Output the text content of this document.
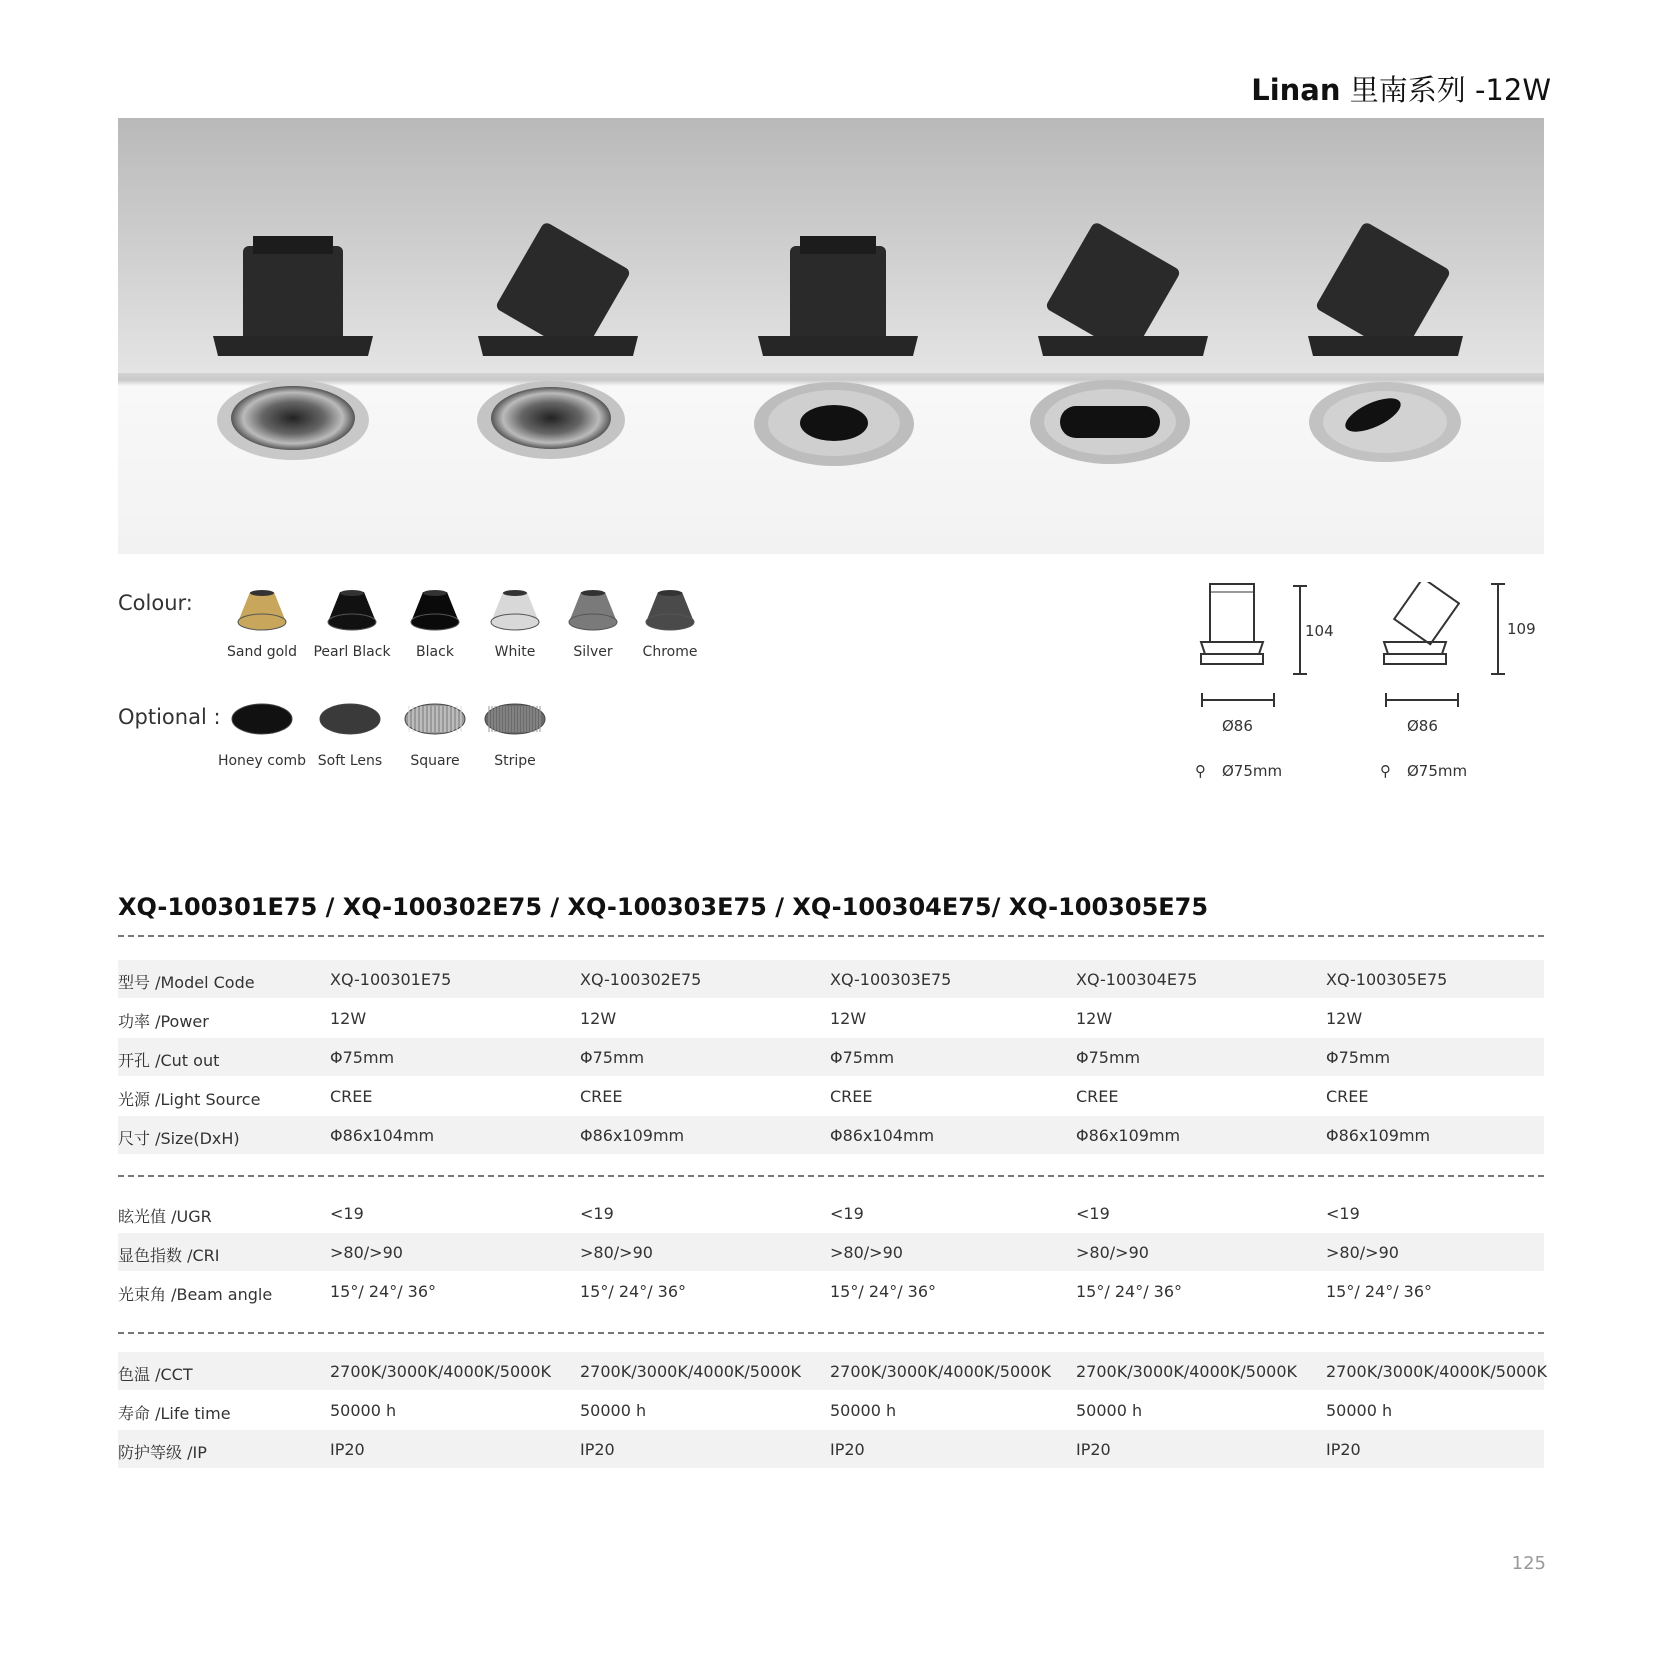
Linan 里南系列 -12W
Colour:
Sand gold Pearl Black Black	White	Silver Chrome
Optional :
Honey comb Soft Lens Square Stripe
104
Ø86
⚲ Ø75mm
109
Ø86
⚲ Ø75mm
XQ-100301E75 / XQ-100302E75 / XQ-100303E75 / XQ-100304E75/ XQ-100305E75
型号 /Model Code	XQ-100301E75	XQ-100302E75	XQ-100303E75	XQ-100304E75	XQ-100305E75
功率 /Power	12W	12W	12W	12W	12W
开孔 /Cut out	Φ75mm	Φ75mm	Φ75mm	Φ75mm	Φ75mm
光源 /Light Source	CREE	CREE	CREE	CREE	CREE
尺寸 /Size(DxH)	Φ86x104mm	Φ86x109mm	Φ86x104mm	Φ86x109mm	Φ86x109mm
眩光值 /UGR	<19	<19	<19	<19	<19
显色指数 /CRI	>80/>90	>80/>90	>80/>90	>80/>90	>80/>90
光束角 /Beam angle	15°/ 24°/ 36°	15°/ 24°/ 36°	15°/ 24°/ 36°	15°/ 24°/ 36°	15°/ 24°/ 36°
色温 /CCT	2700K/3000K/4000K/5000K 2700K/3000K/4000K/5000K 2700K/3000K/4000K/5000K 2700K/3000K/4000K/5000K 2700K/3000K/4000K/5000K
寿命 /Life time	50000 h	50000 h	50000 h	50000 h	50000 h
防护等级 /IP	IP20	IP20	IP20	IP20	IP20
125
